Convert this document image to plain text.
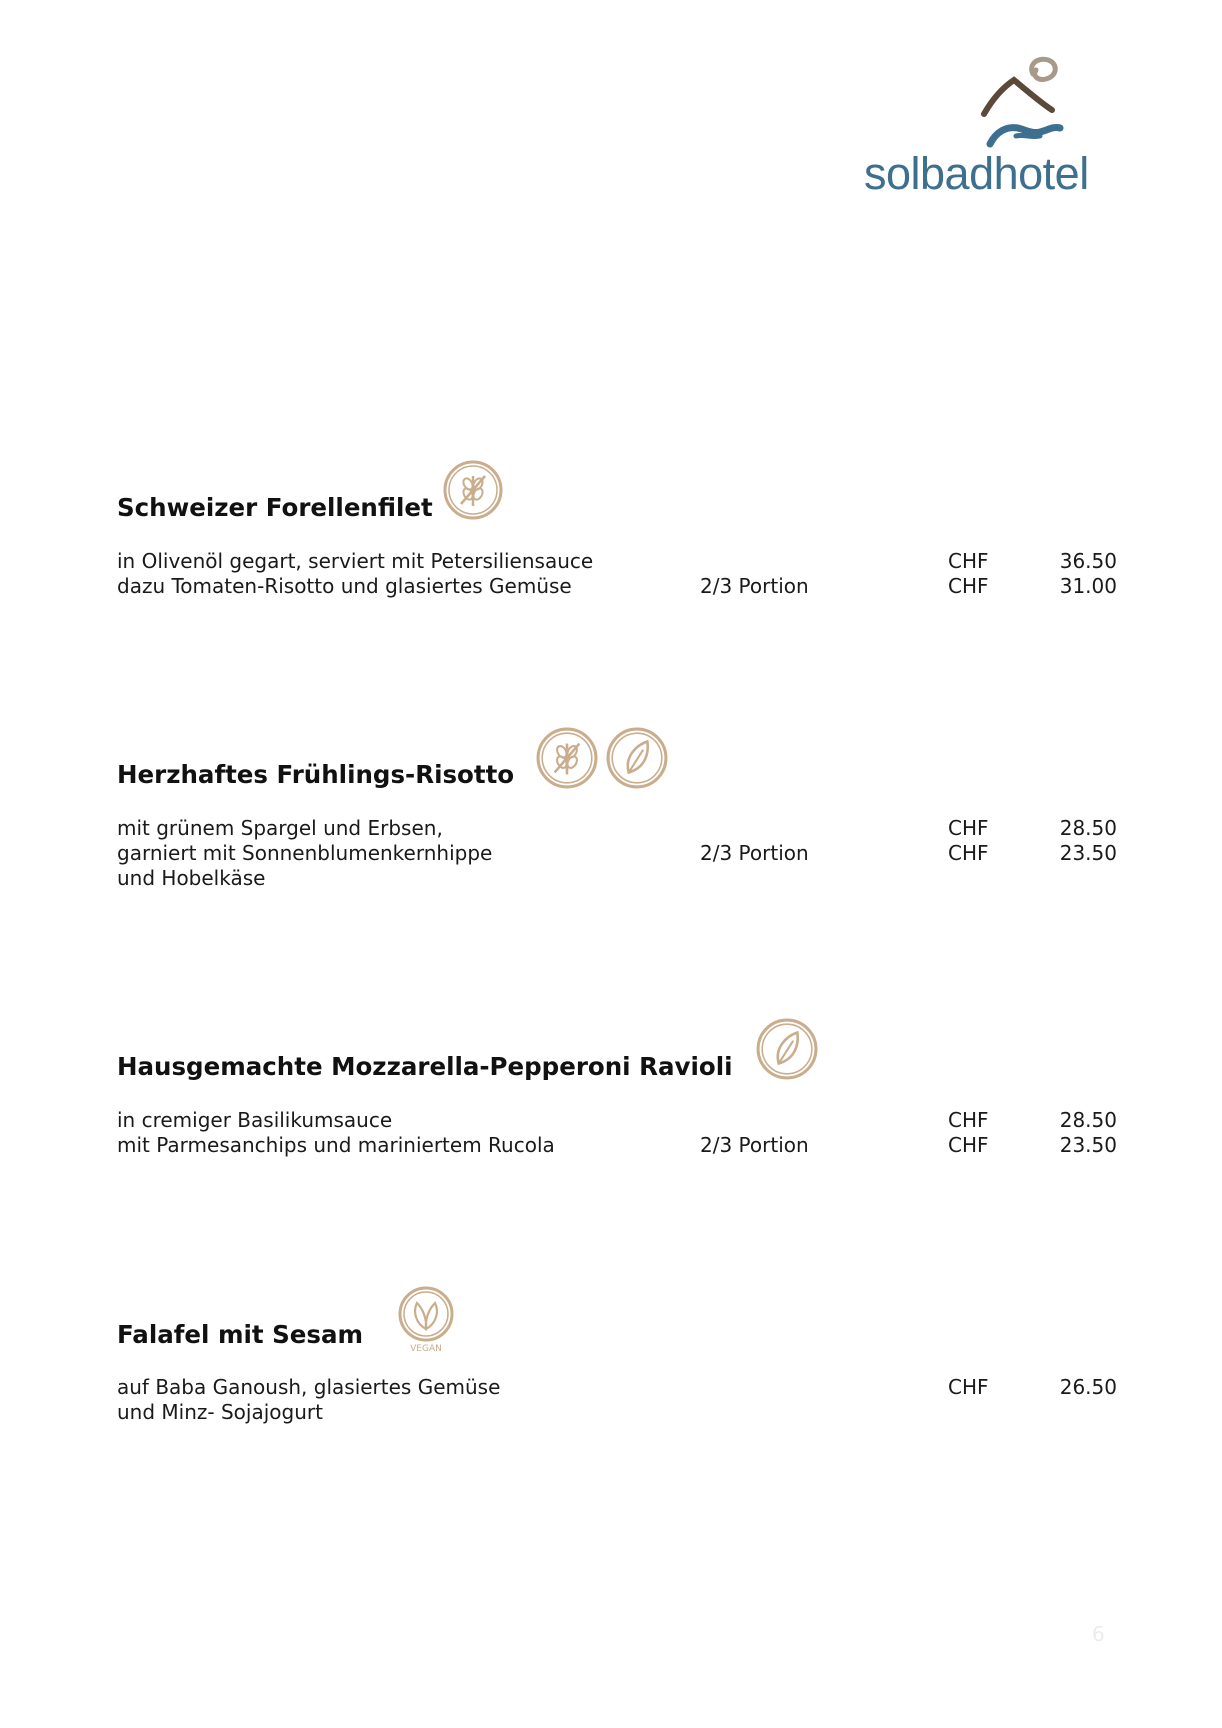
solbadhotel
Schweizer Forellenfilet
in Olivenöl gegart, serviert mit Petersiliensauce	CHF	36.50
dazu Tomaten-Risotto und glasiertes Gemüse	2/3 Portion	CHF	31.00
Herzhaftes Frühlings-Risotto
mit grünem Spargel und Erbsen,	CHF	28.50
garniert mit Sonnenblumenkernhippe	2/3 Portion	CHF	23.50
und Hobelkäse
Hausgemachte Mozzarella-Pepperoni Ravioli
in cremiger Basilikumsauce	CHF	28.50
mit Parmesanchips und mariniertem Rucola	2/3 Portion	CHF	23.50
Falafel mit Sesam	VEGAN
auf Baba Ganoush, glasiertes Gemüse	CHF	26.50
und Minz- Sojajogurt
6
